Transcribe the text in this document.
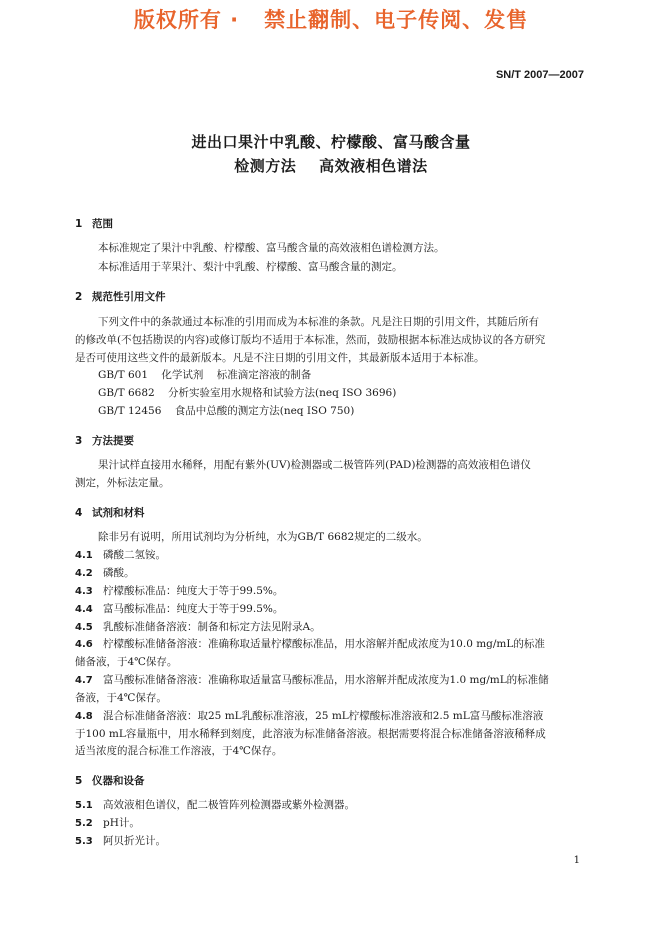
版权所有 ·   禁止翻制、电子传阅、发售
SN/T 2007—2007
进出口果汁中乳酸、柠檬酸、富马酸含量
检测方法    高效液相色谱法
1 范围
本标准规定了果汁中乳酸、柠檬酸、富马酸含量的高效液相色谱检测方法。
本标准适用于苹果汁、梨汁中乳酸、柠檬酸、富马酸含量的测定。
2 规范性引用文件
下列文件中的条款通过本标准的引用而成为本标准的条款。凡是注日期的引用文件，其随后所有
的修改单(不包括勘误的内容)或修订版均不适用于本标准，然而，鼓励根据本标准达成协议的各方研究
是否可使用这些文件的最新版本。凡是不注日期的引用文件，其最新版本适用于本标准。
GB/T 601    化学试剂    标准滴定溶液的制备
GB/T 6682    分析实验室用水规格和试验方法(neq ISO 3696)
GB/T 12456    食品中总酸的测定方法(neq ISO 750)
3 方法提要
果汁试样直接用水稀释，用配有紫外(UV)检测器或二极管阵列(PAD)检测器的高效液相色谱仪
测定，外标法定量。
4 试剂和材料
除非另有说明，所用试剂均为分析纯，水为GB/T 6682规定的二级水。
4.1 磷酸二氢铵。
4.2 磷酸。
4.3 柠檬酸标准品：纯度大于等于99.5%。
4.4 富马酸标准品：纯度大于等于99.5%。
4.5 乳酸标准储备溶液：制备和标定方法见附录A。
4.6 柠檬酸标准储备溶液：准确称取适量柠檬酸标准品，用水溶解并配成浓度为10.0 mg/mL的标准
储备液，于4℃保存。
4.7 富马酸标准储备溶液：准确称取适量富马酸标准品，用水溶解并配成浓度为1.0 mg/mL的标准储
备液，于4℃保存。
4.8 混合标准储备溶液：取25 mL乳酸标准溶液，25 mL柠檬酸标准溶液和2.5 mL富马酸标准溶液
于100 mL容量瓶中，用水稀释到刻度，此溶液为标准储备溶液。根据需要将混合标准储备溶液稀释成
适当浓度的混合标准工作溶液，于4℃保存。
5 仪器和设备
5.1 高效液相色谱仪，配二极管阵列检测器或紫外检测器。
5.2 pH计。
5.3 阿贝折光计。
1
